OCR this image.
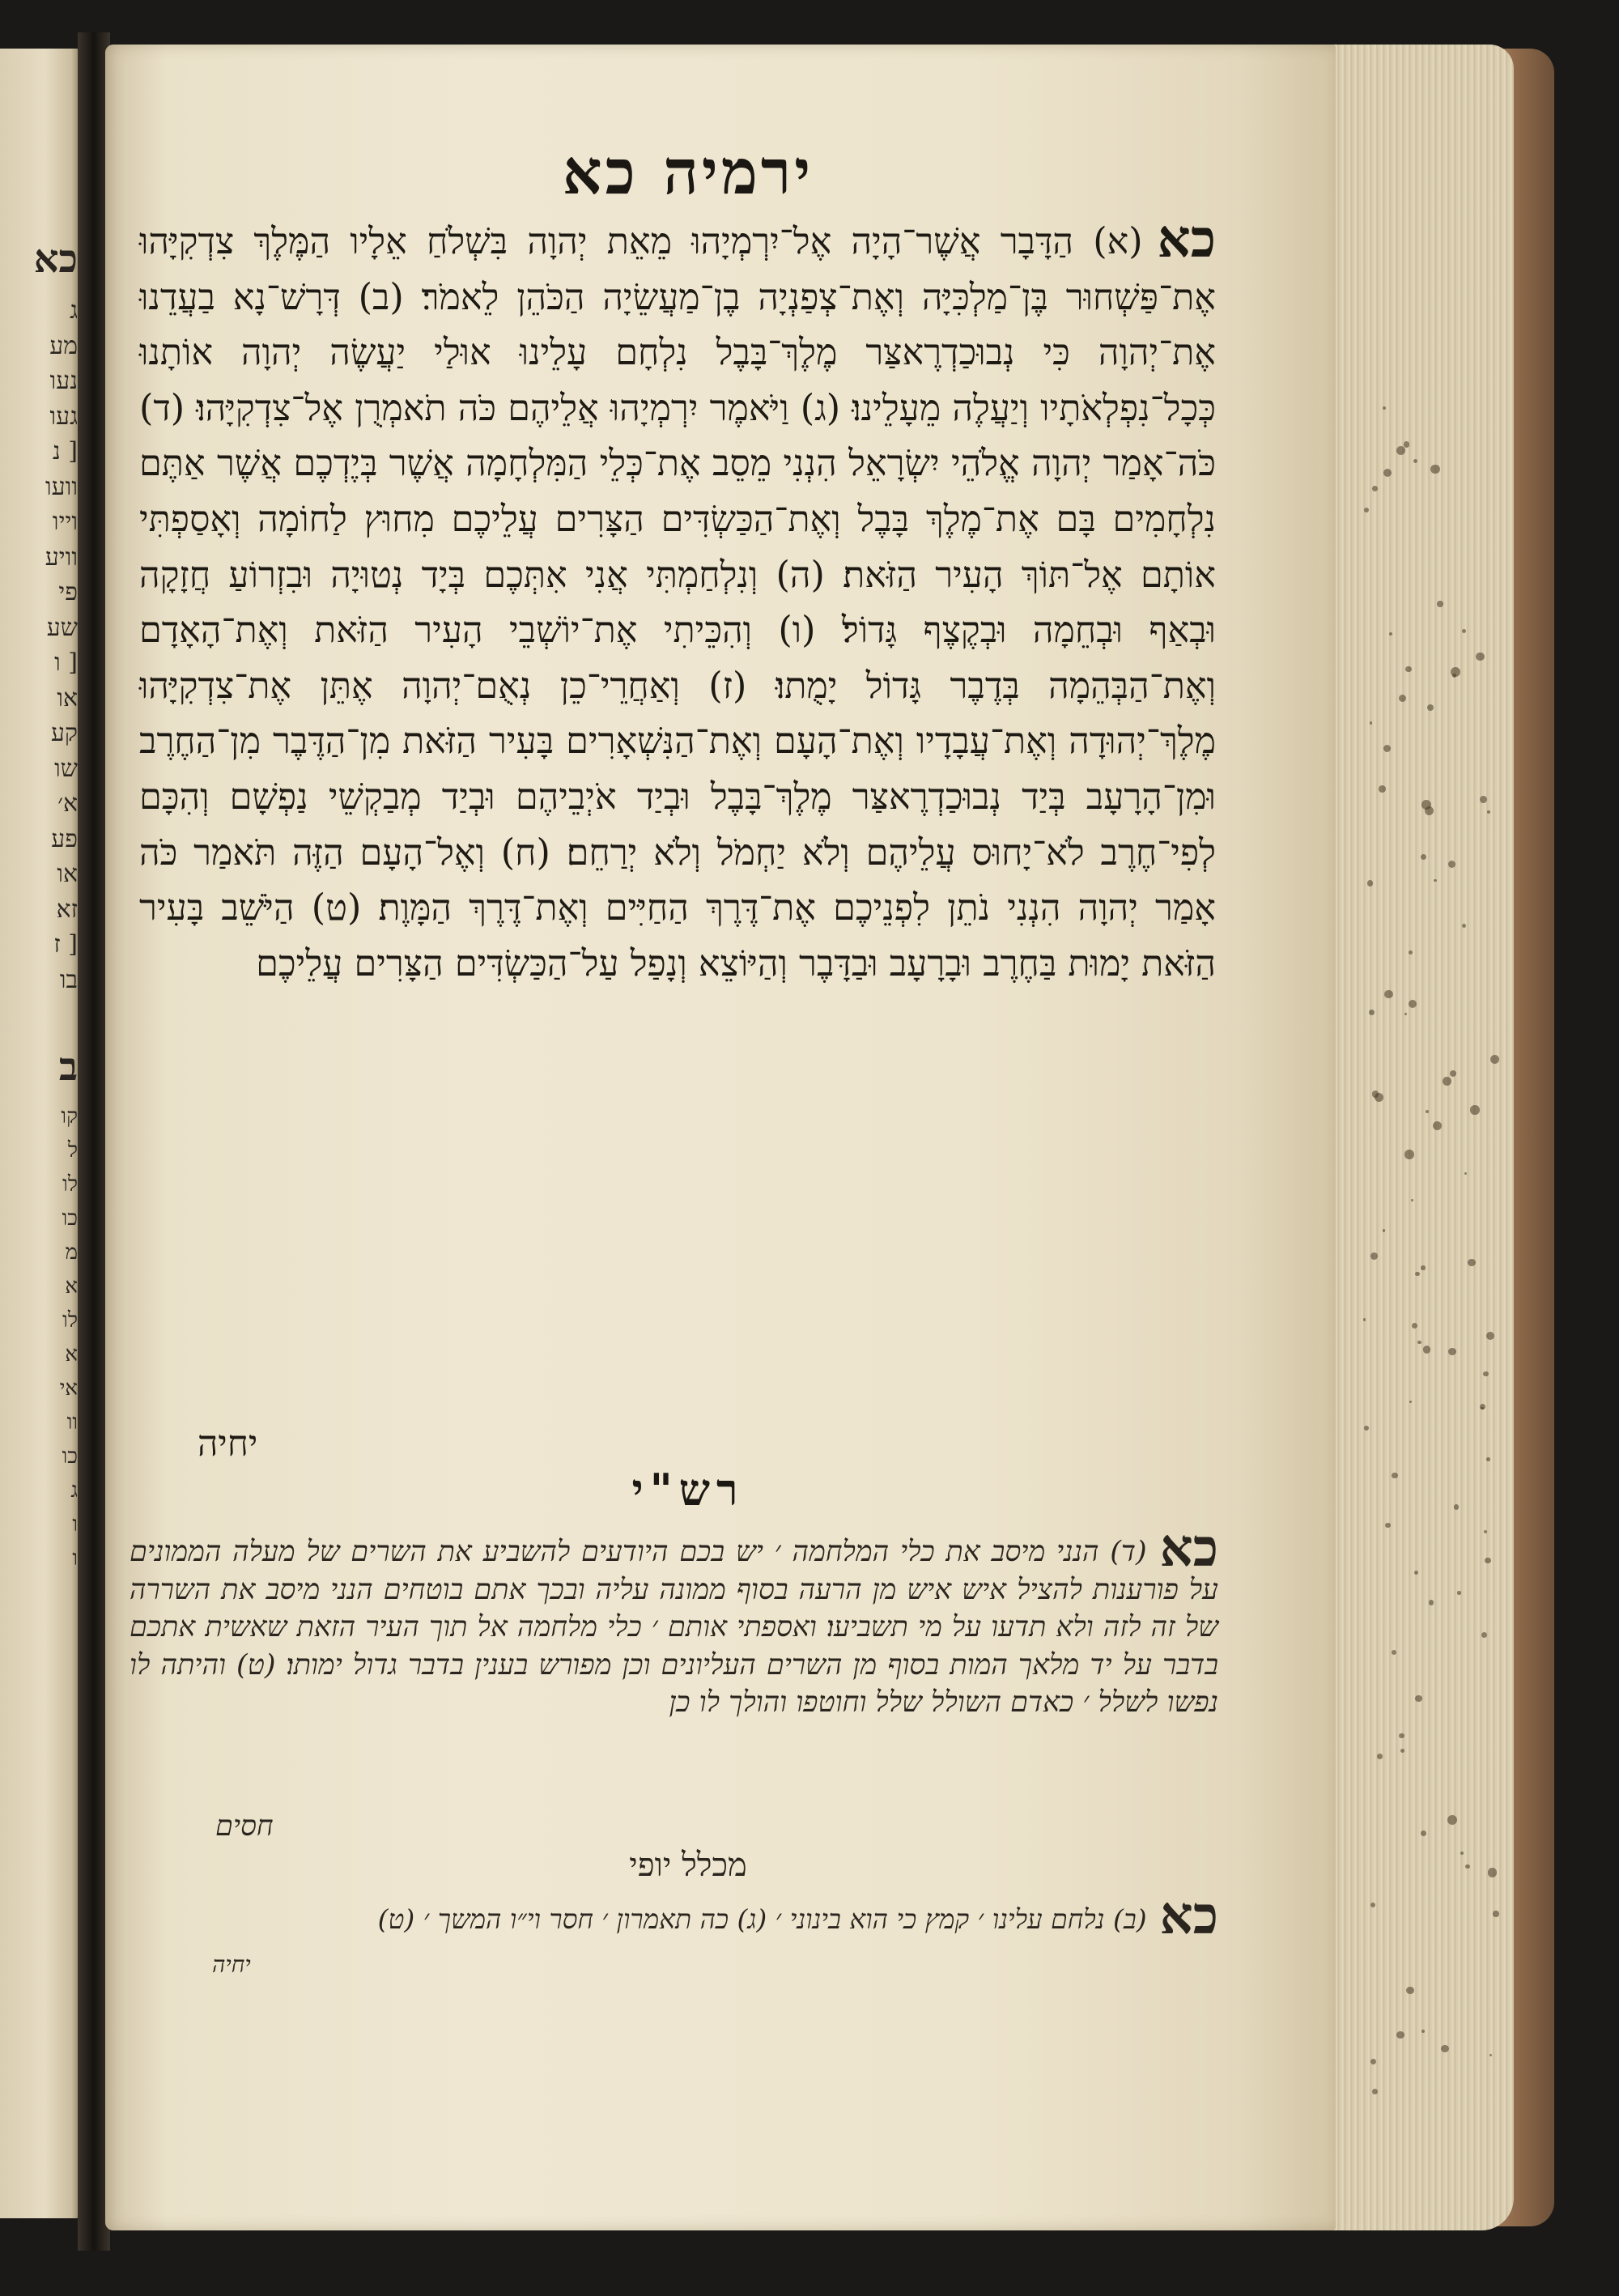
כא
ג
מע
נעו
געו
[ נ
וועו
וייו
וויע
פי
שע
[ ו
או
קע
שו
א׳
פע
או
זא
[ ז
בו
ב
קו
ל
לו
כו
מ
א
לו
א
אי
וו
כו
ג
ו
ו
ירמיה כא
כא(א) הַדָּבָר אֲשֶׁר־הָיָה אֶל־יִרְמְיָהוּ מֵאֵת יְהוָה בִּשְׁלֹחַ אֵלָיו הַמֶּלֶךְ צִדְקִיָּהוּ אֶת־פַּשְׁחוּר בֶּן־מַלְכִּיָּה וְאֶת־צְפַנְיָה בֶן־מַעֲשֵׂיָה הַכֹּהֵן לֵאמֹר׃ (ב) דְּרָשׁ־נָא בַעֲדֵנוּ אֶת־יְהוָה כִּי נְבוּכַדְרֶאצַּר מֶלֶךְ־בָּבֶל נִלְחָם עָלֵינוּ אוּלַי יַעֲשֶׂה יְהוָה אוֹתָנוּ כְּכָל־נִפְלְאֹתָיו וְיַעֲלֶה מֵעָלֵינוּ׃ (ג) וַיֹּאמֶר יִרְמְיָהוּ אֲלֵיהֶם כֹּה תֹאמְרֻן אֶל־צִדְקִיָּהוּ׃ (ד) כֹּה־אָמַר יְהוָה אֱלֹהֵי יִשְׂרָאֵל הִנְנִי מֵסֵב אֶת־כְּלֵי הַמִּלְחָמָה אֲשֶׁר בְּיֶדְכֶם אֲשֶׁר אַתֶּם נִלְחָמִים בָּם אֶת־מֶלֶךְ בָּבֶל וְאֶת־הַכַּשְׂדִּים הַצָּרִים עֲלֵיכֶם מִחוּץ לַחוֹמָה וְאָסַפְתִּי אוֹתָם אֶל־תּוֹךְ הָעִיר הַזֹּאת׃ (ה) וְנִלְחַמְתִּי אֲנִי אִתְּכֶם בְּיָד נְטוּיָה וּבִזְרוֹעַ חֲזָקָה וּבְאַף וּבְחֵמָה וּבְקֶצֶף גָּדוֹל׃ (ו) וְהִכֵּיתִי אֶת־יוֹשְׁבֵי הָעִיר הַזֹּאת וְאֶת־הָאָדָם וְאֶת־הַבְּהֵמָה בְּדֶבֶר גָּדוֹל יָמֻתוּ׃ (ז) וְאַחֲרֵי־כֵן נְאֻם־יְהוָה אֶתֵּן אֶת־צִדְקִיָּהוּ מֶלֶךְ־יְהוּדָה וְאֶת־עֲבָדָיו וְאֶת־הָעָם וְאֶת־הַנִּשְׁאָרִים בָּעִיר הַזֹּאת מִן־הַדֶּבֶר מִן־הַחֶרֶב וּמִן־הָרָעָב בְּיַד נְבוּכַדְרֶאצַּר מֶלֶךְ־בָּבֶל וּבְיַד אֹיְבֵיהֶם וּבְיַד מְבַקְשֵׁי נַפְשָׁם וְהִכָּם לְפִי־חֶרֶב לֹא־יָחוּס עֲלֵיהֶם וְלֹא יַחְמֹל וְלֹא יְרַחֵם׃ (ח) וְאֶל־הָעָם הַזֶּה תֹּאמַר כֹּה אָמַר יְהוָה הִנְנִי נֹתֵן לִפְנֵיכֶם אֶת־דֶּרֶךְ הַחַיִּים וְאֶת־דֶּרֶךְ הַמָּוֶת׃ (ט) הַיֹּשֵׁב בָּעִיר הַזֹּאת יָמוּת בַּחֶרֶב וּבָרָעָב וּבַדָּבֶר וְהַיּוֹצֵא וְנָפַל עַל־הַכַּשְׂדִּים הַצָּרִים עֲלֵיכֶם
יחיה
רש"י
כא(ד) הנני מיסב את כלי המלחמה ׳ יש בכם היודעים להשביע את השרים של מעלה הממונים על פורענות להציל איש איש מן הרעה בסוף ממונה עליה ובכך אתם בוטחים הנני מיסב את השררה של זה לזה ולא תדעו על מי תשביעו׃ ואספתי אותם ׳ כלי מלחמה אל תוך העיר הזאת שאשית אתכם בדבר על יד מלאך המות בסוף מן השרים העליונים וכן מפורש בענין בדבר גדול ימותו׃ (ט) והיתה לו נפשו לשלל ׳ כאדם השולל שלל וחוטפו והולך לו כן
חסים
מכלל יופי
כא(ב) נלחם עלינו ׳ קמץ כי הוא בינוני ׳ (ג) כה תאמרון ׳ חסר וי״ו המשך ׳ (ט)
יחיה
